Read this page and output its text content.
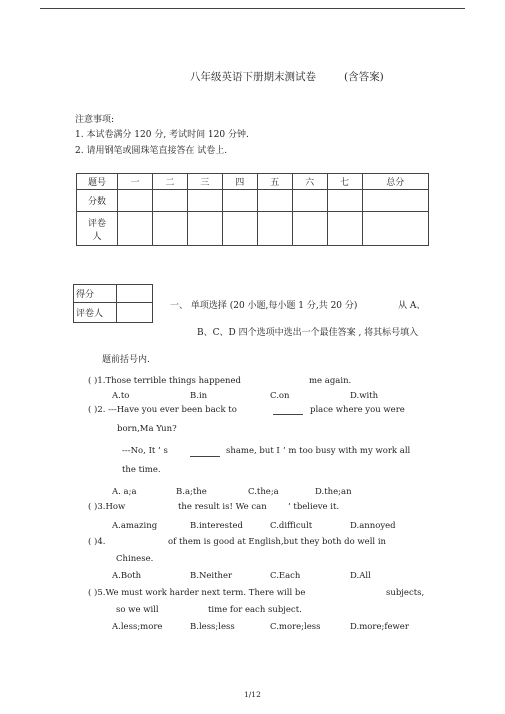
八年级英语下册期末测试卷	(含答案)
注意事项:
1. 本试卷满分 120 分, 考试时间 120 分钟.
2. 请用钢笔或圆珠笔直接答在 试卷上.
题号	一	二	三	四	五	六	七	总分
分数								

评卷
人								

得分	
评卷人	
一、 单项选择 (20 小题,每小题 1 分,共 20 分)	从 A、
B、C、D 四个选项中选出一个最佳答案 , 将其标号填入
题前括号内.
( )1.Those terrible things happened	me again.
A.to	B.in	C.on	D.with
( )2. ---Have you ever been back to	place where you were
born,Ma Yun?
---No, It ’ s	shame, but I ’ m too busy with my work all
the time.
A. a;a	B.a;the	C.the;a	D.the;an
( )3.How	the result is! We can	’ tbelieve it.
A.amazing	B.interested	C.difficult	D.annoyed
( )4.	of them is good at English,but they both do well in
Chinese.
A.Both	B.Neither	C.Each	D.All
( )5.We must work harder next term. There will be	subjects,
so we will	time for each subject.
A.less;more	B.less;less	C.more;less	D.more;fewer
1/12
